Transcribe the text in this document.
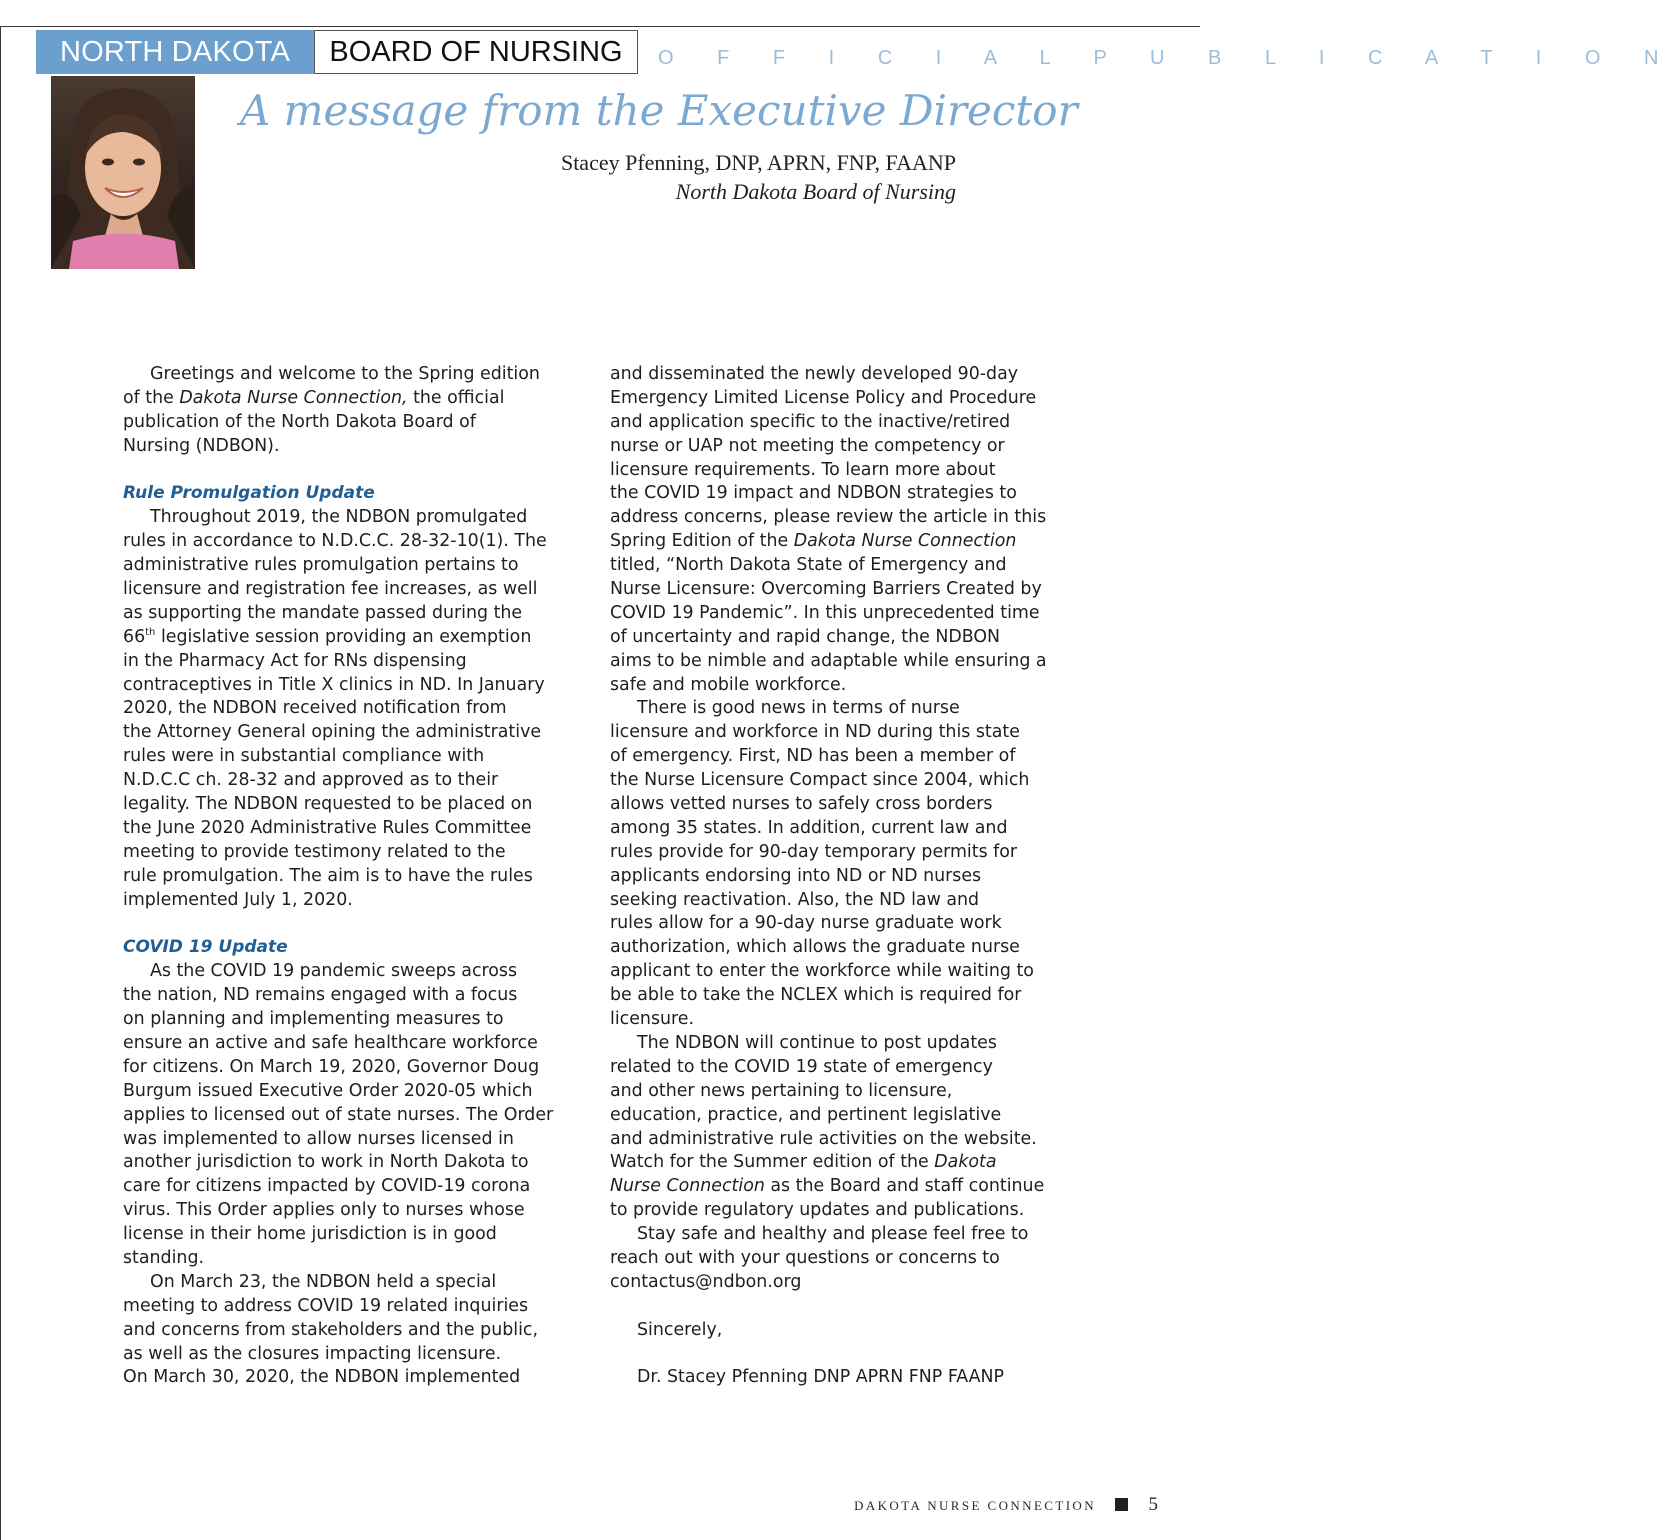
NORTH DAKOTA	BOARD OF NURSING	O F F I C I A L P U B L I C A T I O N
A message from the Executive Director
Stacey Pfenning, DNP, APRN, FNP, FAANP
North Dakota Board of Nursing
Greetings and welcome to the Spring edition
of the Dakota Nurse Connection, the official
publication of the North Dakota Board of
Nursing (NDBON).
Rule Promulgation Update
Throughout 2019, the NDBON promulgated
rules in accordance to N.D.C.C. 28-32-10(1). The
administrative rules promulgation pertains to
licensure and registration fee increases, as well
as supporting the mandate passed during the
66th legislative session providing an exemption
in the Pharmacy Act for RNs dispensing
contraceptives in Title X clinics in ND. In January
2020, the NDBON received notification from
the Attorney General opining the administrative
rules were in substantial compliance with
N.D.C.C ch. 28-32 and approved as to their
legality. The NDBON requested to be placed on
the June 2020 Administrative Rules Committee
meeting to provide testimony related to the
rule promulgation. The aim is to have the rules
implemented July 1, 2020.
COVID 19 Update
As the COVID 19 pandemic sweeps across
the nation, ND remains engaged with a focus
on planning and implementing measures to
ensure an active and safe healthcare workforce
for citizens. On March 19, 2020, Governor Doug
Burgum issued Executive Order 2020-05 which
applies to licensed out of state nurses. The Order
was implemented to allow nurses licensed in
another jurisdiction to work in North Dakota to
care for citizens impacted by COVID-19 corona
virus. This Order applies only to nurses whose
license in their home jurisdiction is in good
standing.
On March 23, the NDBON held a special
meeting to address COVID 19 related inquiries
and concerns from stakeholders and the public,
as well as the closures impacting licensure.
On March 30, 2020, the NDBON implemented
and disseminated the newly developed 90-day
Emergency Limited License Policy and Procedure
and application specific to the inactive/retired
nurse or UAP not meeting the competency or
licensure requirements. To learn more about
the COVID 19 impact and NDBON strategies to
address concerns, please review the article in this
Spring Edition of the Dakota Nurse Connection
titled, “North Dakota State of Emergency and
Nurse Licensure: Overcoming Barriers Created by
COVID 19 Pandemic”. In this unprecedented time
of uncertainty and rapid change, the NDBON
aims to be nimble and adaptable while ensuring a
safe and mobile workforce.
There is good news in terms of nurse
licensure and workforce in ND during this state
of emergency. First, ND has been a member of
the Nurse Licensure Compact since 2004, which
allows vetted nurses to safely cross borders
among 35 states. In addition, current law and
rules provide for 90-day temporary permits for
applicants endorsing into ND or ND nurses
seeking reactivation. Also, the ND law and
rules allow for a 90-day nurse graduate work
authorization, which allows the graduate nurse
applicant to enter the workforce while waiting to
be able to take the NCLEX which is required for
licensure.
The NDBON will continue to post updates
related to the COVID 19 state of emergency
and other news pertaining to licensure,
education, practice, and pertinent legislative
and administrative rule activities on the website.
Watch for the Summer edition of the Dakota
Nurse Connection as the Board and staff continue
to provide regulatory updates and publications.
Stay safe and healthy and please feel free to
reach out with your questions or concerns to
contactus@ndbon.org
Sincerely,
Dr. Stacey Pfenning DNP APRN FNP FAANP
DAKOTA NURSE CONNECTION	5
